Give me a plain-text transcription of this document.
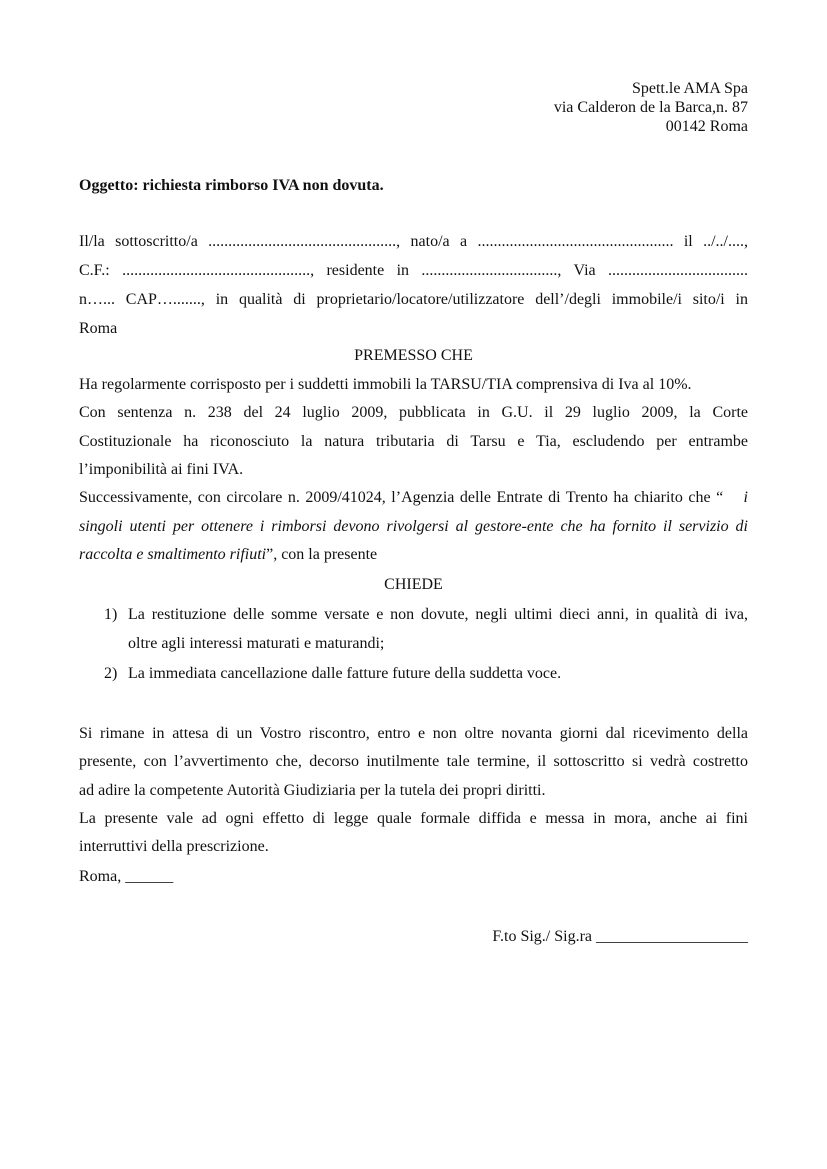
Spett.le AMA Spa
via Calderon de la Barca,n. 87
00142 Roma
Oggetto: richiesta rimborso IVA non dovuta.
Il/la sottoscritto/a ..............................................., nato/a a ................................................. il ../../....,
C.F.: ..............................................., residente in .................................., Via ...................................
n…... CAP…......., in qualità di proprietario/locatore/utilizzatore dell’/degli immobile/i sito/i in
Roma
PREMESSO CHE
Ha regolarmente corrisposto per i suddetti immobili la TARSU/TIA comprensiva di Iva al 10%.
Con sentenza n. 238 del 24 luglio 2009, pubblicata in G.U. il 29 luglio 2009, la Corte
Costituzionale ha riconosciuto la natura tributaria di Tarsu e Tia, escludendo per entrambe
l’imponibilità ai fini IVA.
Successivamente, con circolare n. 2009/41024, l’Agenzia delle Entrate di Trento ha chiarito che “ i
singoli utenti per ottenere i rimborsi devono rivolgersi al gestore-ente che ha fornito il servizio di
raccolta e smaltimento rifiuti”, con la presente
CHIEDE
1) La restituzione delle somme versate e non dovute, negli ultimi dieci anni, in qualità di iva,
oltre agli interessi maturati e maturandi;
2) La immediata cancellazione dalle fatture future della suddetta voce.
Si rimane in attesa di un Vostro riscontro, entro e non oltre novanta giorni dal ricevimento della
presente, con l’avvertimento che, decorso inutilmente tale termine, il sottoscritto si vedrà costretto
ad adire la competente Autorità Giudiziaria per la tutela dei propri diritti.
La presente vale ad ogni effetto di legge quale formale diffida e messa in mora, anche ai fini
interruttivi della prescrizione.
Roma, ______
F.to Sig./ Sig.ra ___________________
